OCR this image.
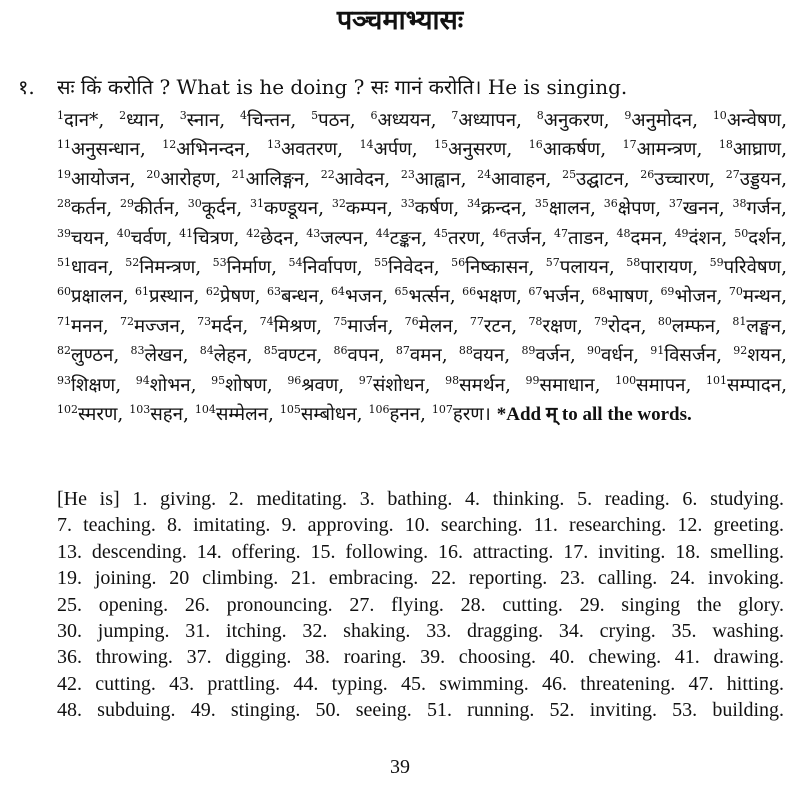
पञ्चमाभ्यासः
१. सः किं करोति ? What is he doing ? सः गानं करोति। He is singing.
$^1$दान*, $^2$ध्यान, $^3$स्नान, $^4$चिन्तन, $^5$पठन, $^6$अध्ययन, $^7$अध्यापन, $^8$अनुकरण, $^9$अनुमोदन, $^{10}$अन्वेषण, $^{11}$अनुसन्धान, $^{12}$अभिनन्दन, $^{13}$अवतरण, $^{14}$अर्पण, $^{15}$अनुसरण, $^{16}$आकर्षण, $^{17}$आमन्त्रण, $^{18}$आघ्राण, $^{19}$आयोजन, $^{20}$आरोहण, $^{21}$आलिङ्गन, $^{22}$आवेदन, $^{23}$आह्वान, $^{24}$आवाहन, $^{25}$उद्घाटन, $^{26}$उच्चारण, $^{27}$उड्डयन, $^{28}$कर्तन, $^{29}$कीर्तन, $^{30}$कूर्दन, $^{31}$कण्डूयन, $^{32}$कम्पन, $^{33}$कर्षण, $^{34}$क्रन्दन, $^{35}$क्षालन, $^{36}$क्षेपण, $^{37}$खनन, $^{38}$गर्जन, $^{39}$चयन, $^{40}$चर्वण, $^{41}$चित्रण, $^{42}$छेदन, $^{43}$जल्पन, $^{44}$टङ्कन, $^{45}$तरण, $^{46}$तर्जन, $^{47}$ताडन, $^{48}$दमन, $^{49}$दंशन, $^{50}$दर्शन, $^{51}$धावन, $^{52}$निमन्त्रण, $^{53}$निर्माण, $^{54}$निर्वापण, $^{55}$निवेदन, $^{56}$निष्कासन, $^{57}$पलायन, $^{58}$पारायण, $^{59}$परिवेषण, $^{60}$प्रक्षालन, $^{61}$प्रस्थान, $^{62}$प्रेषण, $^{63}$बन्धन, $^{64}$भजन, $^{65}$भर्त्सन, $^{66}$भक्षण, $^{67}$भर्जन, $^{68}$भाषण, $^{69}$भोजन, $^{70}$मन्थन, $^{71}$मनन, $^{72}$मज्जन, $^{73}$मर्दन, $^{74}$मिश्रण, $^{75}$मार्जन, $^{76}$मेलन, $^{77}$रटन, $^{78}$रक्षण, $^{79}$रोदन, $^{80}$लम्फन, $^{81}$लङ्घन, $^{82}$लुण्ठन, $^{83}$लेखन, $^{84}$लेहन, $^{85}$वण्टन, $^{86}$वपन, $^{87}$वमन, $^{88}$वयन, $^{89}$वर्जन, $^{90}$वर्धन, $^{91}$विसर्जन, $^{92}$शयन, $^{93}$शिक्षण, $^{94}$शोभन, $^{95}$शोषण, $^{96}$श्रवण, $^{97}$संशोधन, $^{98}$समर्थन, $^{99}$समाधान, $^{100}$समापन, $^{101}$सम्पादन, $^{102}$स्मरण, $^{103}$सहन, $^{104}$सम्मेलन, $^{105}$सम्बोधन, $^{106}$हनन, $^{107}$हरण। *Add म् to all the words.
[He is] 1. giving. 2. meditating. 3. bathing. 4. thinking. 5. reading. 6. studying.
7. teaching. 8. imitating. 9. approving. 10. searching. 11. researching. 12. greeting.
13. descending. 14. offering. 15. following. 16. attracting. 17. inviting. 18. smelling.
19. joining. 20 climbing. 21. embracing. 22. reporting. 23. calling. 24. invoking.
25. opening. 26. pronouncing. 27. flying. 28. cutting. 29. singing the glory.
30. jumping. 31. itching. 32. shaking. 33. dragging. 34. crying. 35. washing.
36. throwing. 37. digging. 38. roaring. 39. choosing. 40. chewing. 41. drawing.
42. cutting. 43. prattling. 44. typing. 45. swimming. 46. threatening. 47. hitting.
48. subduing. 49. stinging. 50. seeing. 51. running. 52. inviting. 53. building.
39
